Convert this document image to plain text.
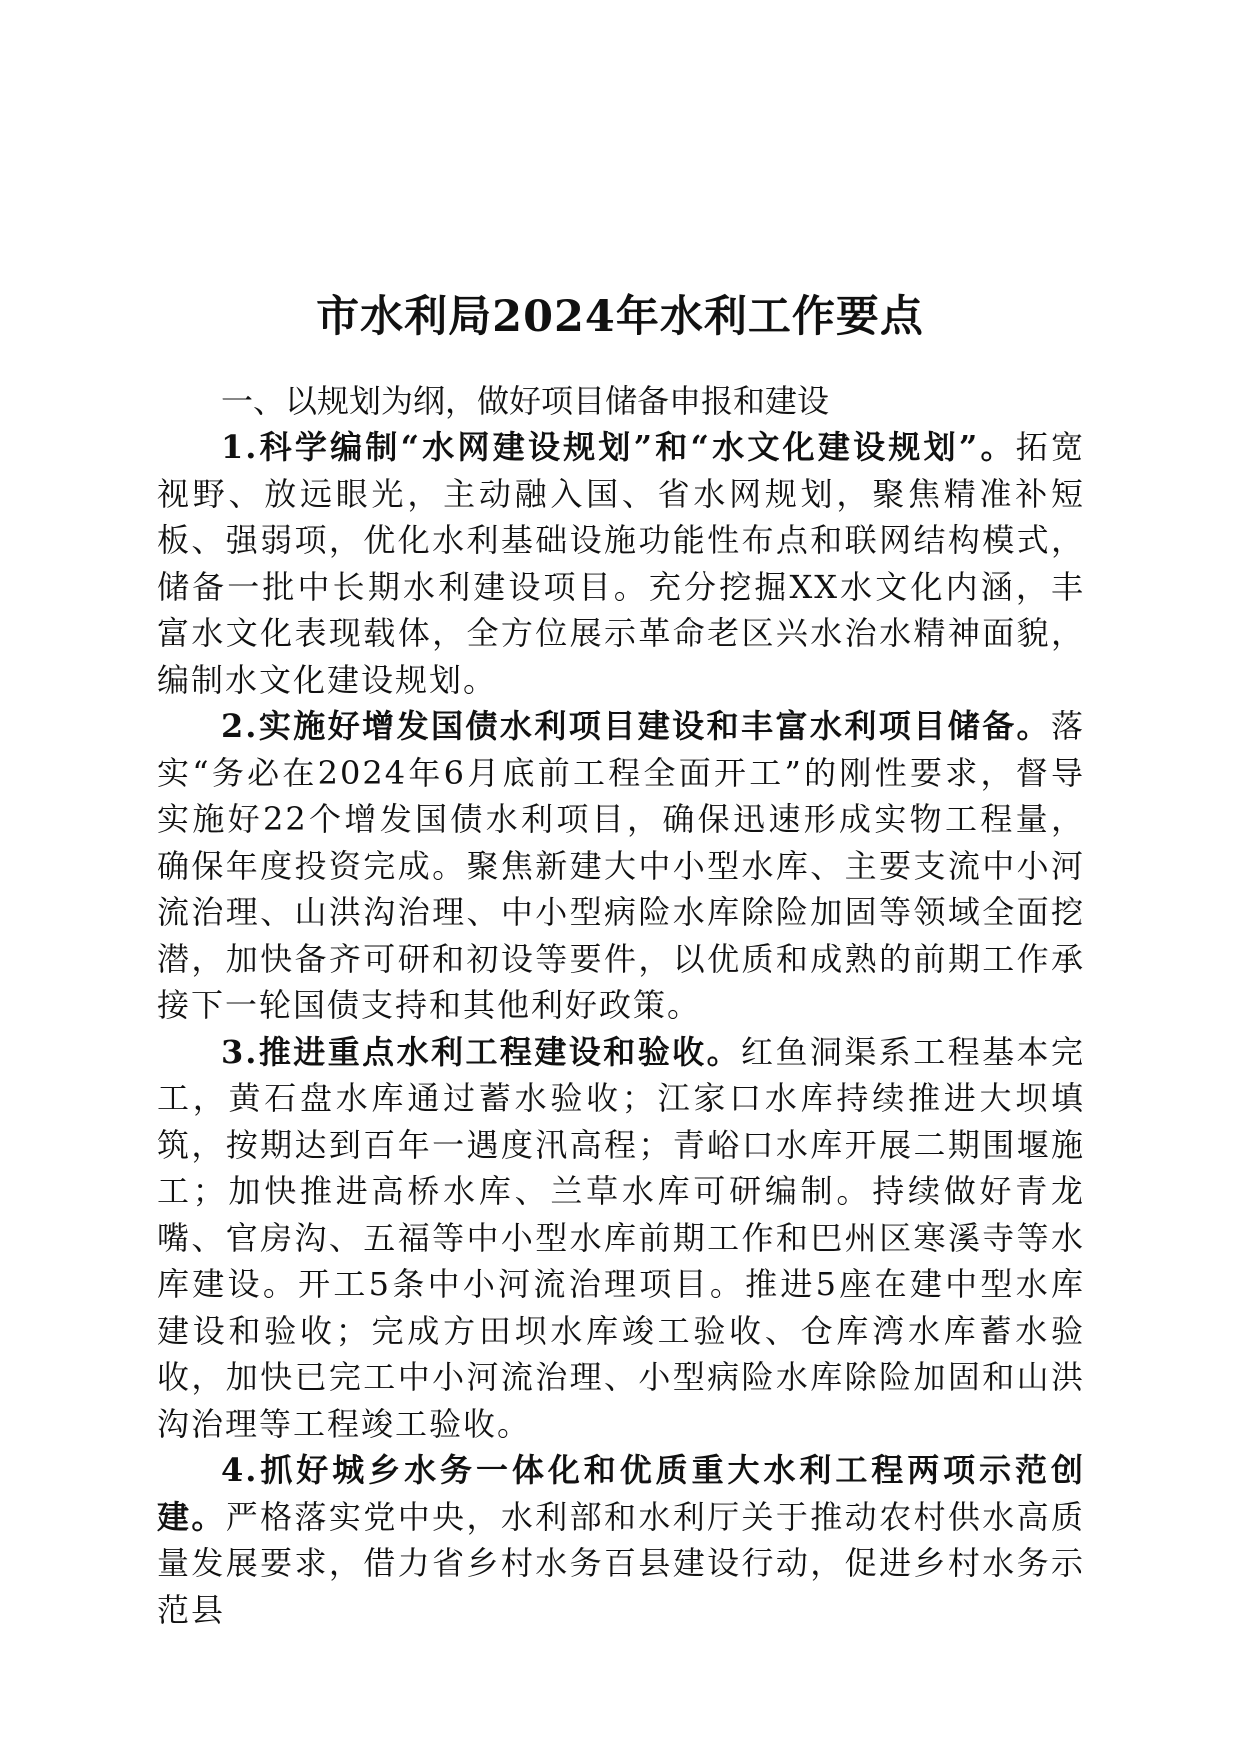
市水利局2024年水利工作要点

一、以规划为纲，做好项目储备申报和建设

1.科学编制“水网建设规划”和“水文化建设规划”。拓宽视野、放远眼光，主动融入国、省水网规划，聚焦精准补短板、强弱项，优化水利基础设施功能性布点和联网结构模式，储备一批中长期水利建设项目。充分挖掘XX水文化内涵，丰富水文化表现载体，全方位展示革命老区兴水治水精神面貌，编制水文化建设规划。

2.实施好增发国债水利项目建设和丰富水利项目储备。落实“务必在2024年6月底前工程全面开工”的刚性要求，督导实施好22个增发国债水利项目，确保迅速形成实物工程量，确保年度投资完成。聚焦新建大中小型水库、主要支流中小河流治理、山洪沟治理、中小型病险水库除险加固等领域全面挖潜，加快备齐可研和初设等要件，以优质和成熟的前期工作承接下一轮国债支持和其他利好政策。

3.推进重点水利工程建设和验收。红鱼洞渠系工程基本完工，黄石盘水库通过蓄水验收；江家口水库持续推进大坝填筑，按期达到百年一遇度汛高程；青峪口水库开展二期围堰施工；加快推进高桥水库、兰草水库可研编制。持续做好青龙嘴、官房沟、五福等中小型水库前期工作和巴州区寒溪寺等水库建设。开工5条中小河流治理项目。推进5座在建中型水库建设和验收；完成方田坝水库竣工验收、仓库湾水库蓄水验收，加快已完工中小河流治理、小型病险水库除险加固和山洪沟治理等工程竣工验收。

4.抓好城乡水务一体化和优质重大水利工程两项示范创建。严格落实党中央，水利部和水利厅关于推动农村供水高质量发展要求，借力省乡村水务百县建设行动，促进乡村水务示范县
